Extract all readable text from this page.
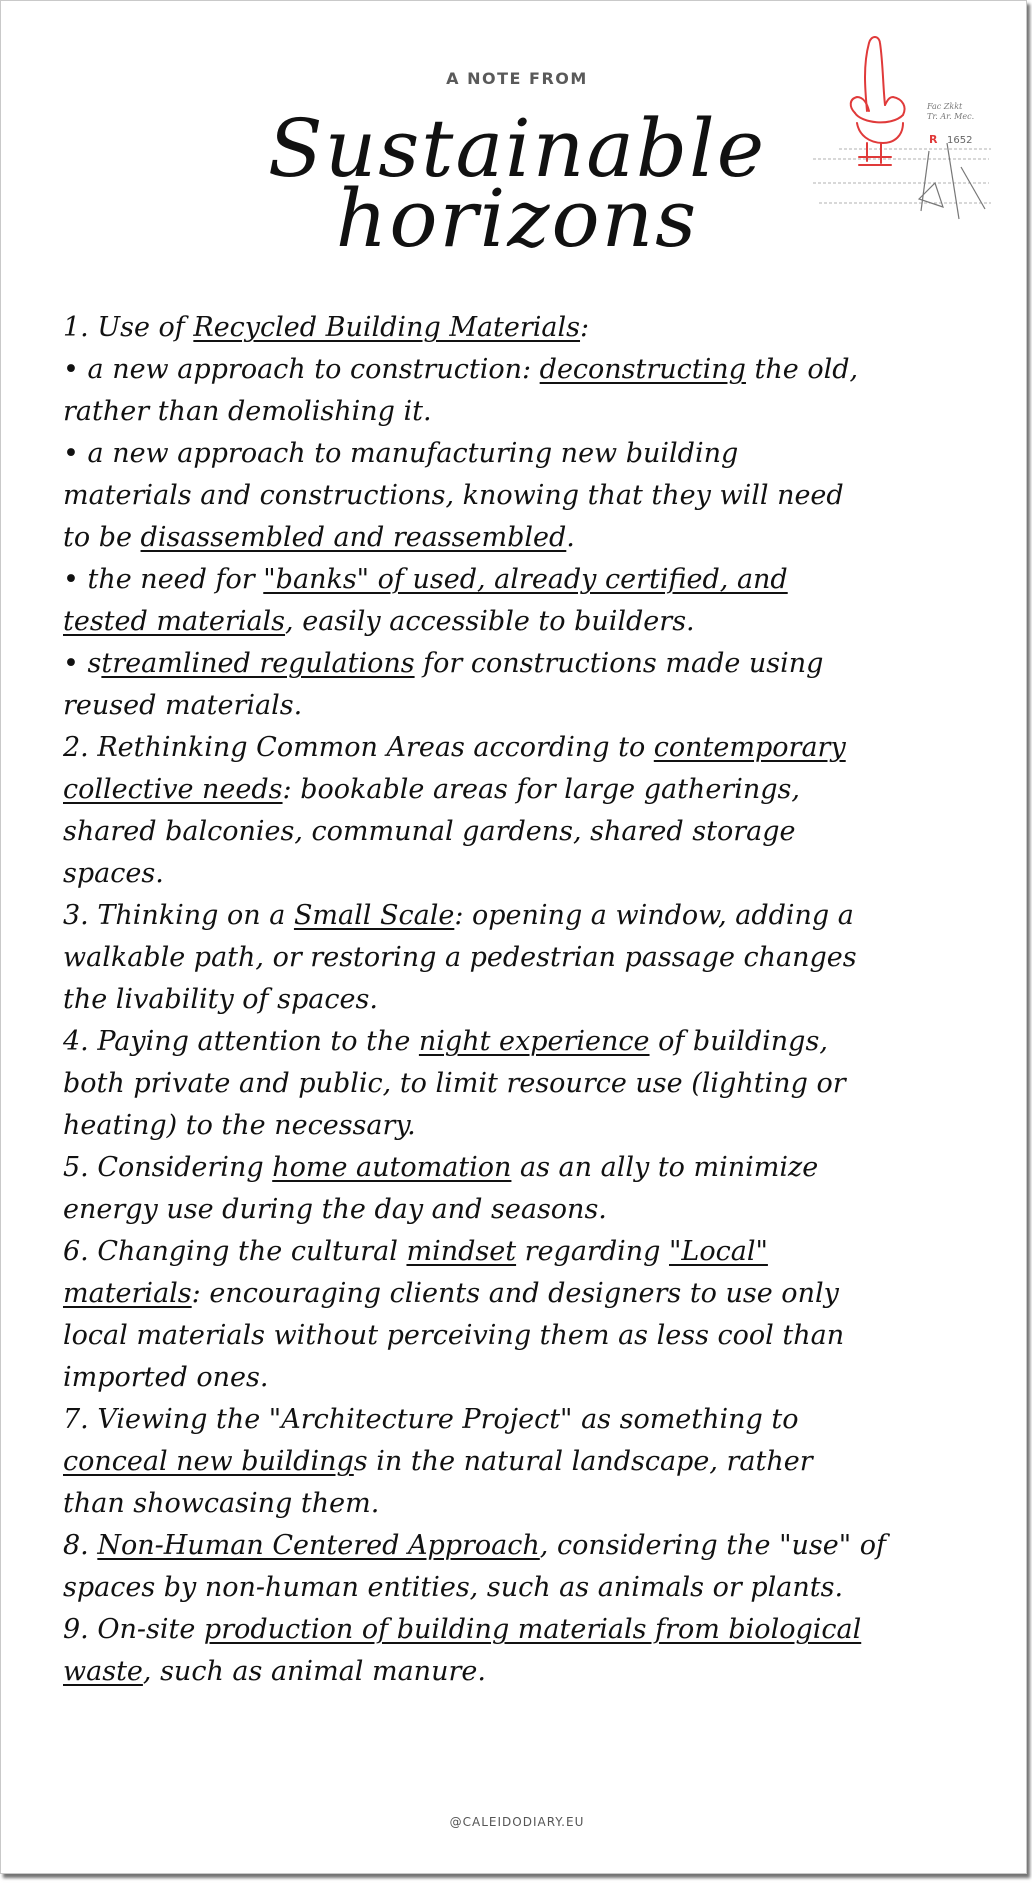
A NOTE FROM
Sustainable
horizons
Fac Zkkt
Tr. Ar. Mec.
R 1652

1. Use of Recycled Building Materials:

• a new approach to construction: deconstructing the old,

rather than demolishing it.

• a new approach to manufacturing new building

materials and constructions, knowing that they will need

to be disassembled and reassembled.

• the need for "banks" of used, already certified, and

tested materials, easily accessible to builders.

• streamlined regulations for constructions made using

reused materials.

2. Rethinking Common Areas according to contemporary

collective needs: bookable areas for large gatherings,

shared balconies, communal gardens, shared storage

spaces.

3. Thinking on a Small Scale: opening a window, adding a

walkable path, or restoring a pedestrian passage changes

the livability of spaces.

4. Paying attention to the night experience of buildings,

both private and public, to limit resource use (lighting or

heating) to the necessary.

5. Considering home automation as an ally to minimize

energy use during the day and seasons.

6. Changing the cultural mindset regarding "Local"

materials: encouraging clients and designers to use only

local materials without perceiving them as less cool than

imported ones.

7. Viewing the "Architecture Project" as something to

conceal new buildings in the natural landscape, rather

than showcasing them.

8. Non-Human Centered Approach, considering the "use" of

spaces by non-human entities, such as animals or plants.

9. On-site production of building materials from biological

waste, such as animal manure.

@CALEIDODIARY.EU
